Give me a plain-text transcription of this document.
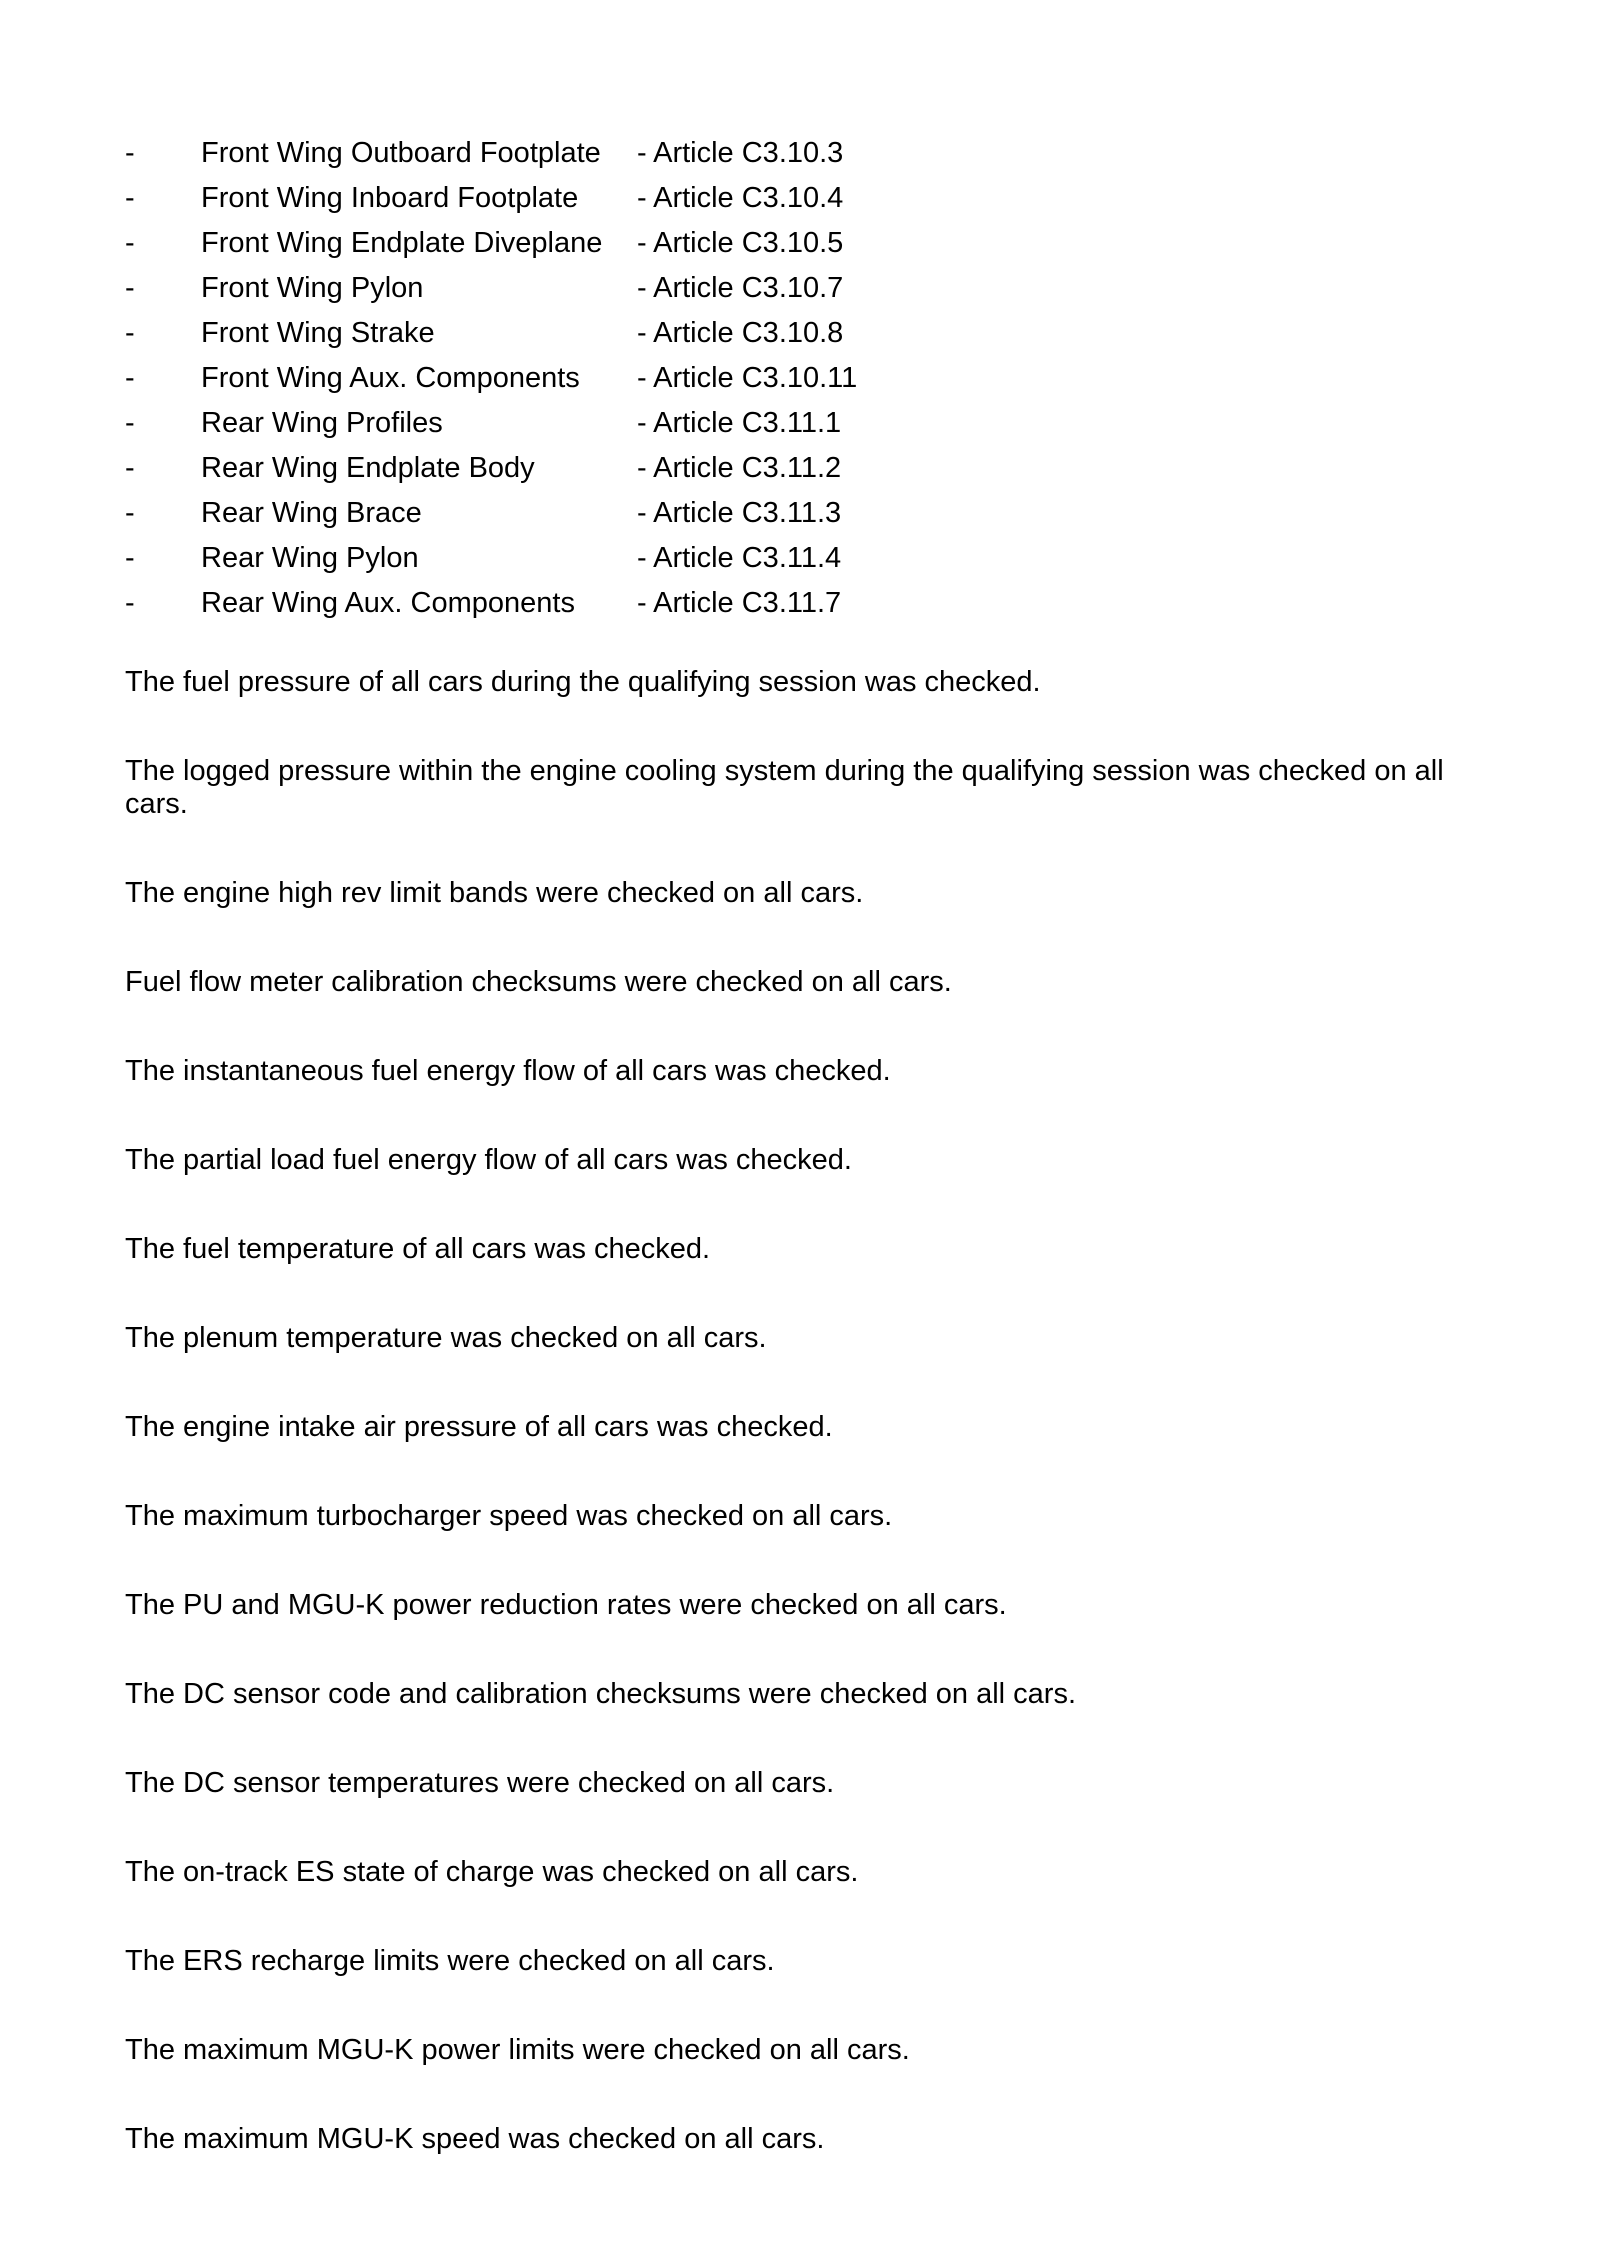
- Front Wing Outboard Footplate - Article C3.10.3
- Front Wing Inboard Footplate - Article C3.10.4
- Front Wing Endplate Diveplane - Article C3.10.5
- Front Wing Pylon	- Article C3.10.7
- Front Wing Strake	- Article C3.10.8
- Front Wing Aux. Components - Article C3.10.11
- Rear Wing Profiles	- Article C3.11.1
- Rear Wing Endplate Body	- Article C3.11.2
- Rear Wing Brace	- Article C3.11.3
- Rear Wing Pylon	- Article C3.11.4
- Rear Wing Aux. Components - Article C3.11.7

The fuel pressure of all cars during the qualifying session was checked.

The logged pressure within the engine cooling system during the qualifying session was checked on all cars.

The engine high rev limit bands were checked on all cars.

Fuel flow meter calibration checksums were checked on all cars.

The instantaneous fuel energy flow of all cars was checked.

The partial load fuel energy flow of all cars was checked.

The fuel temperature of all cars was checked.

The plenum temperature was checked on all cars.

The engine intake air pressure of all cars was checked.

The maximum turbocharger speed was checked on all cars.

The PU and MGU-K power reduction rates were checked on all cars.

The DC sensor code and calibration checksums were checked on all cars.

The DC sensor temperatures were checked on all cars.

The on-track ES state of charge was checked on all cars.

The ERS recharge limits were checked on all cars.

The maximum MGU-K power limits were checked on all cars.

The maximum MGU-K speed was checked on all cars.
